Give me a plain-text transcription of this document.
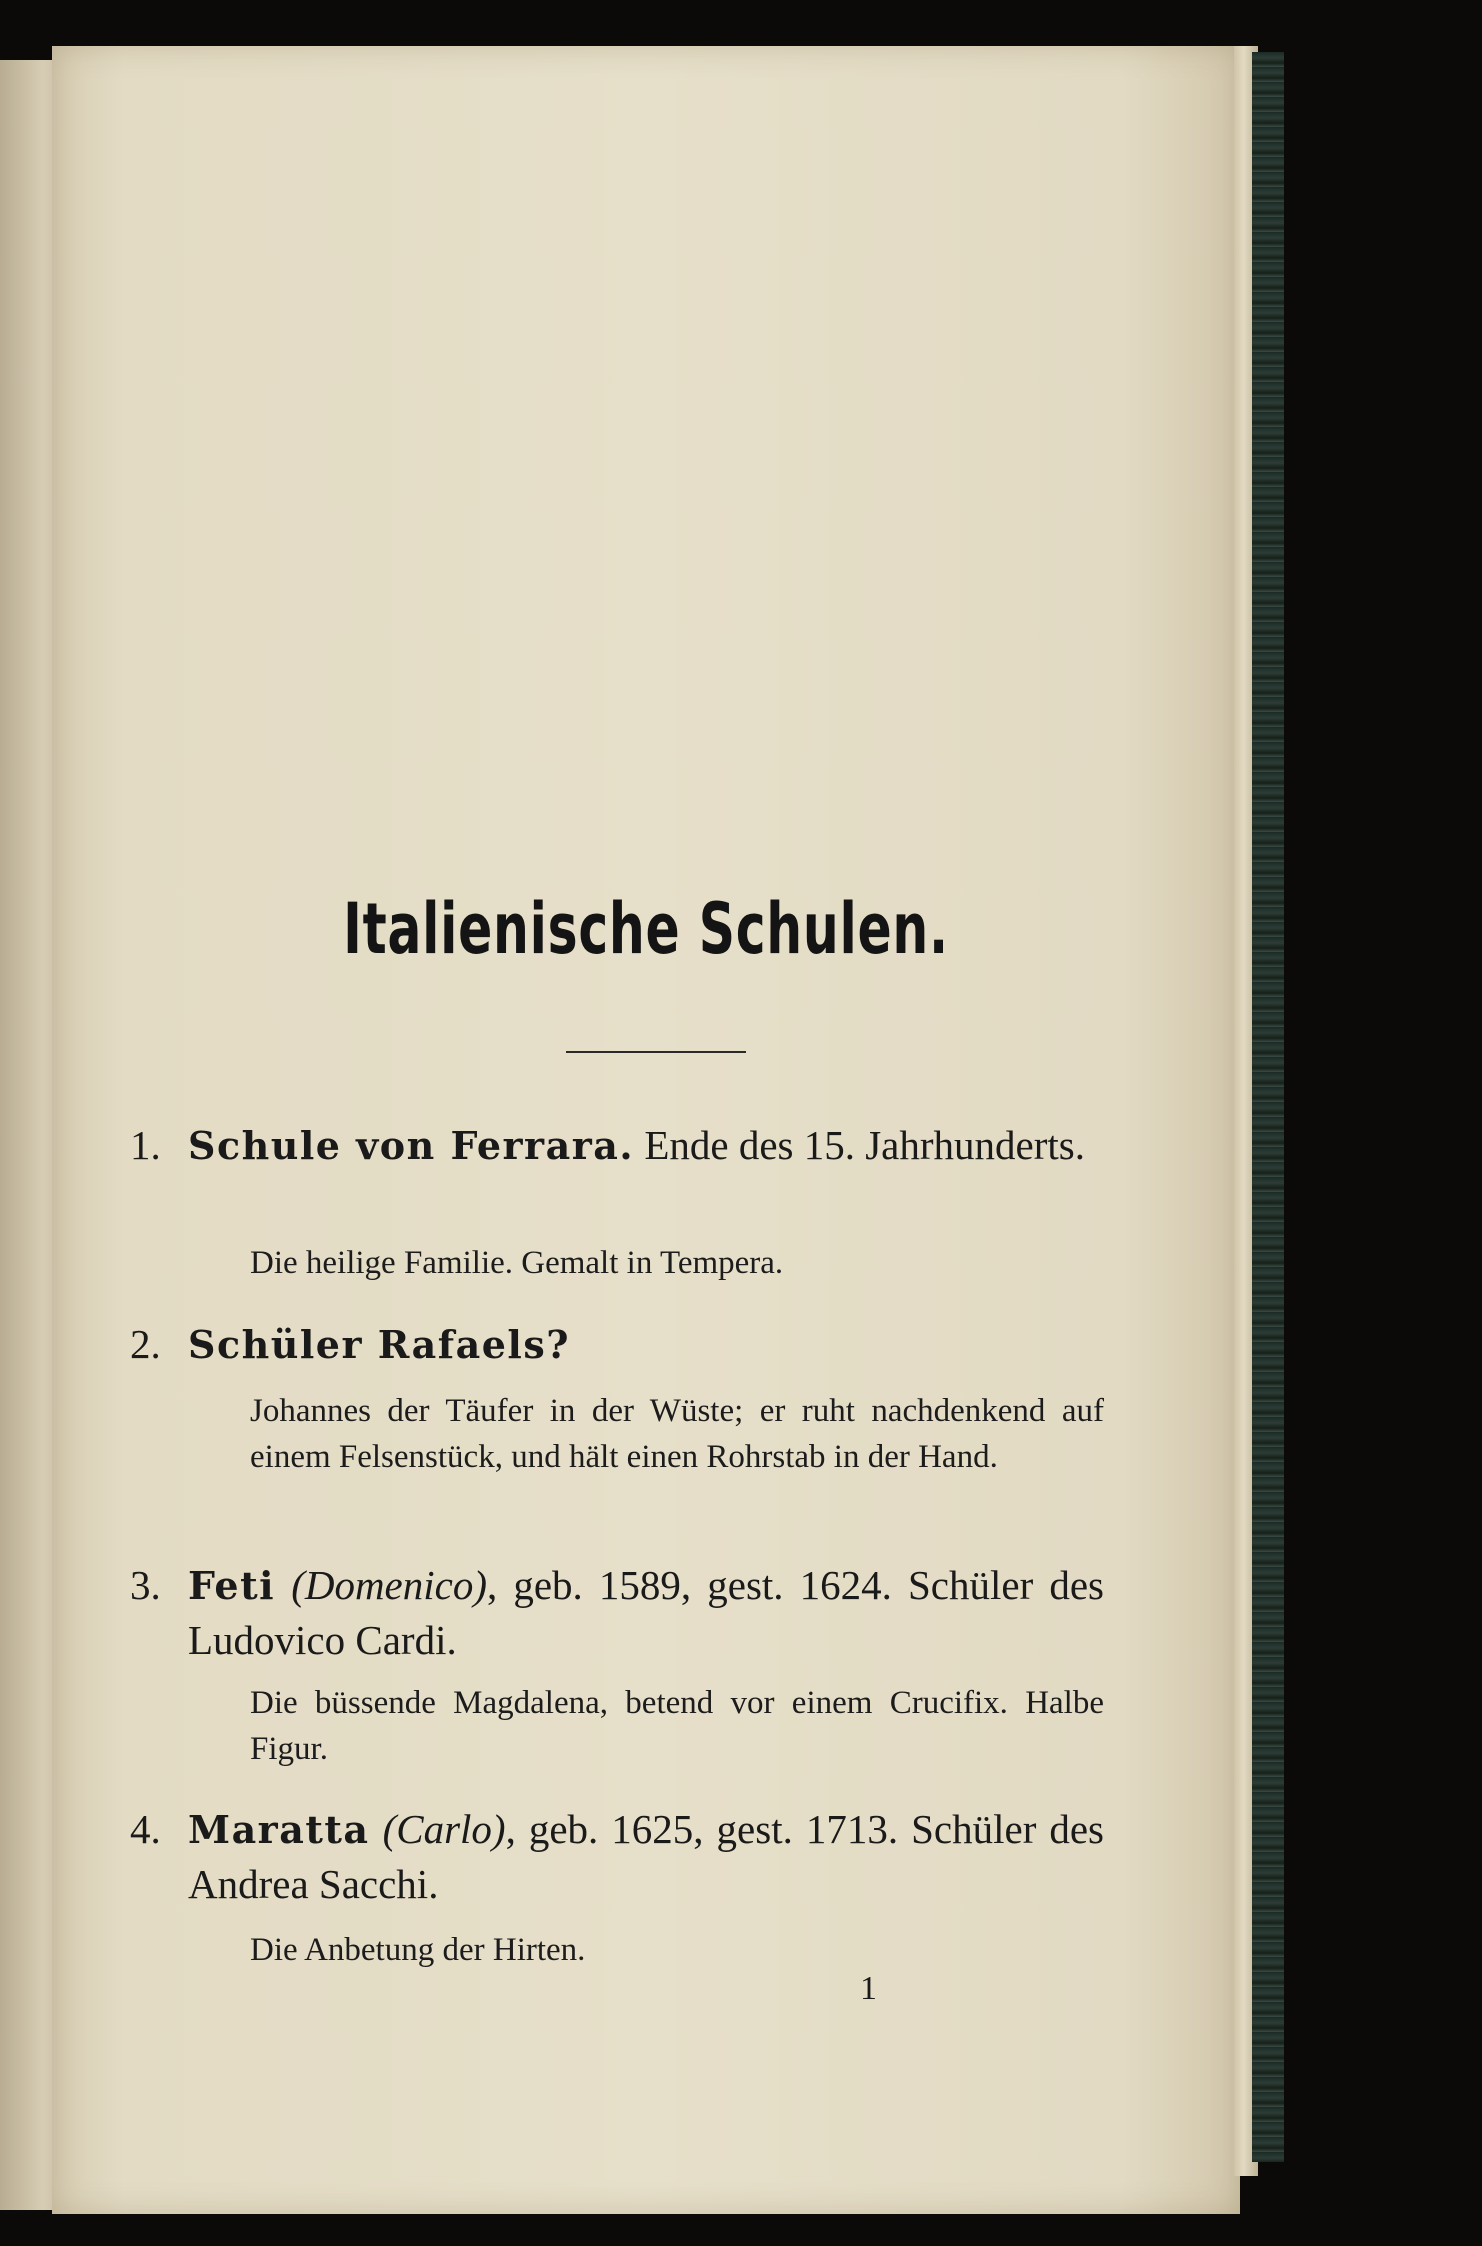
Italienische Schulen.
1. Schule von Ferrara. Ende des 15. Jahrhunderts.
Die heilige Familie. Gemalt in Tempera.
2. Schüler Rafaels?
Johannes der Täufer in der Wüste; er ruht nachdenkend auf einem Felsenstück, und hält einen Rohrstab in der Hand.
3. Feti (Domenico), geb. 1589, gest. 1624. Schüler des Ludovico Cardi.
Die büssende Magdalena, betend vor einem Crucifix. Halbe Figur.
4. Maratta (Carlo), geb. 1625, gest. 1713. Schüler des Andrea Sacchi.
Die Anbetung der Hirten.
1
